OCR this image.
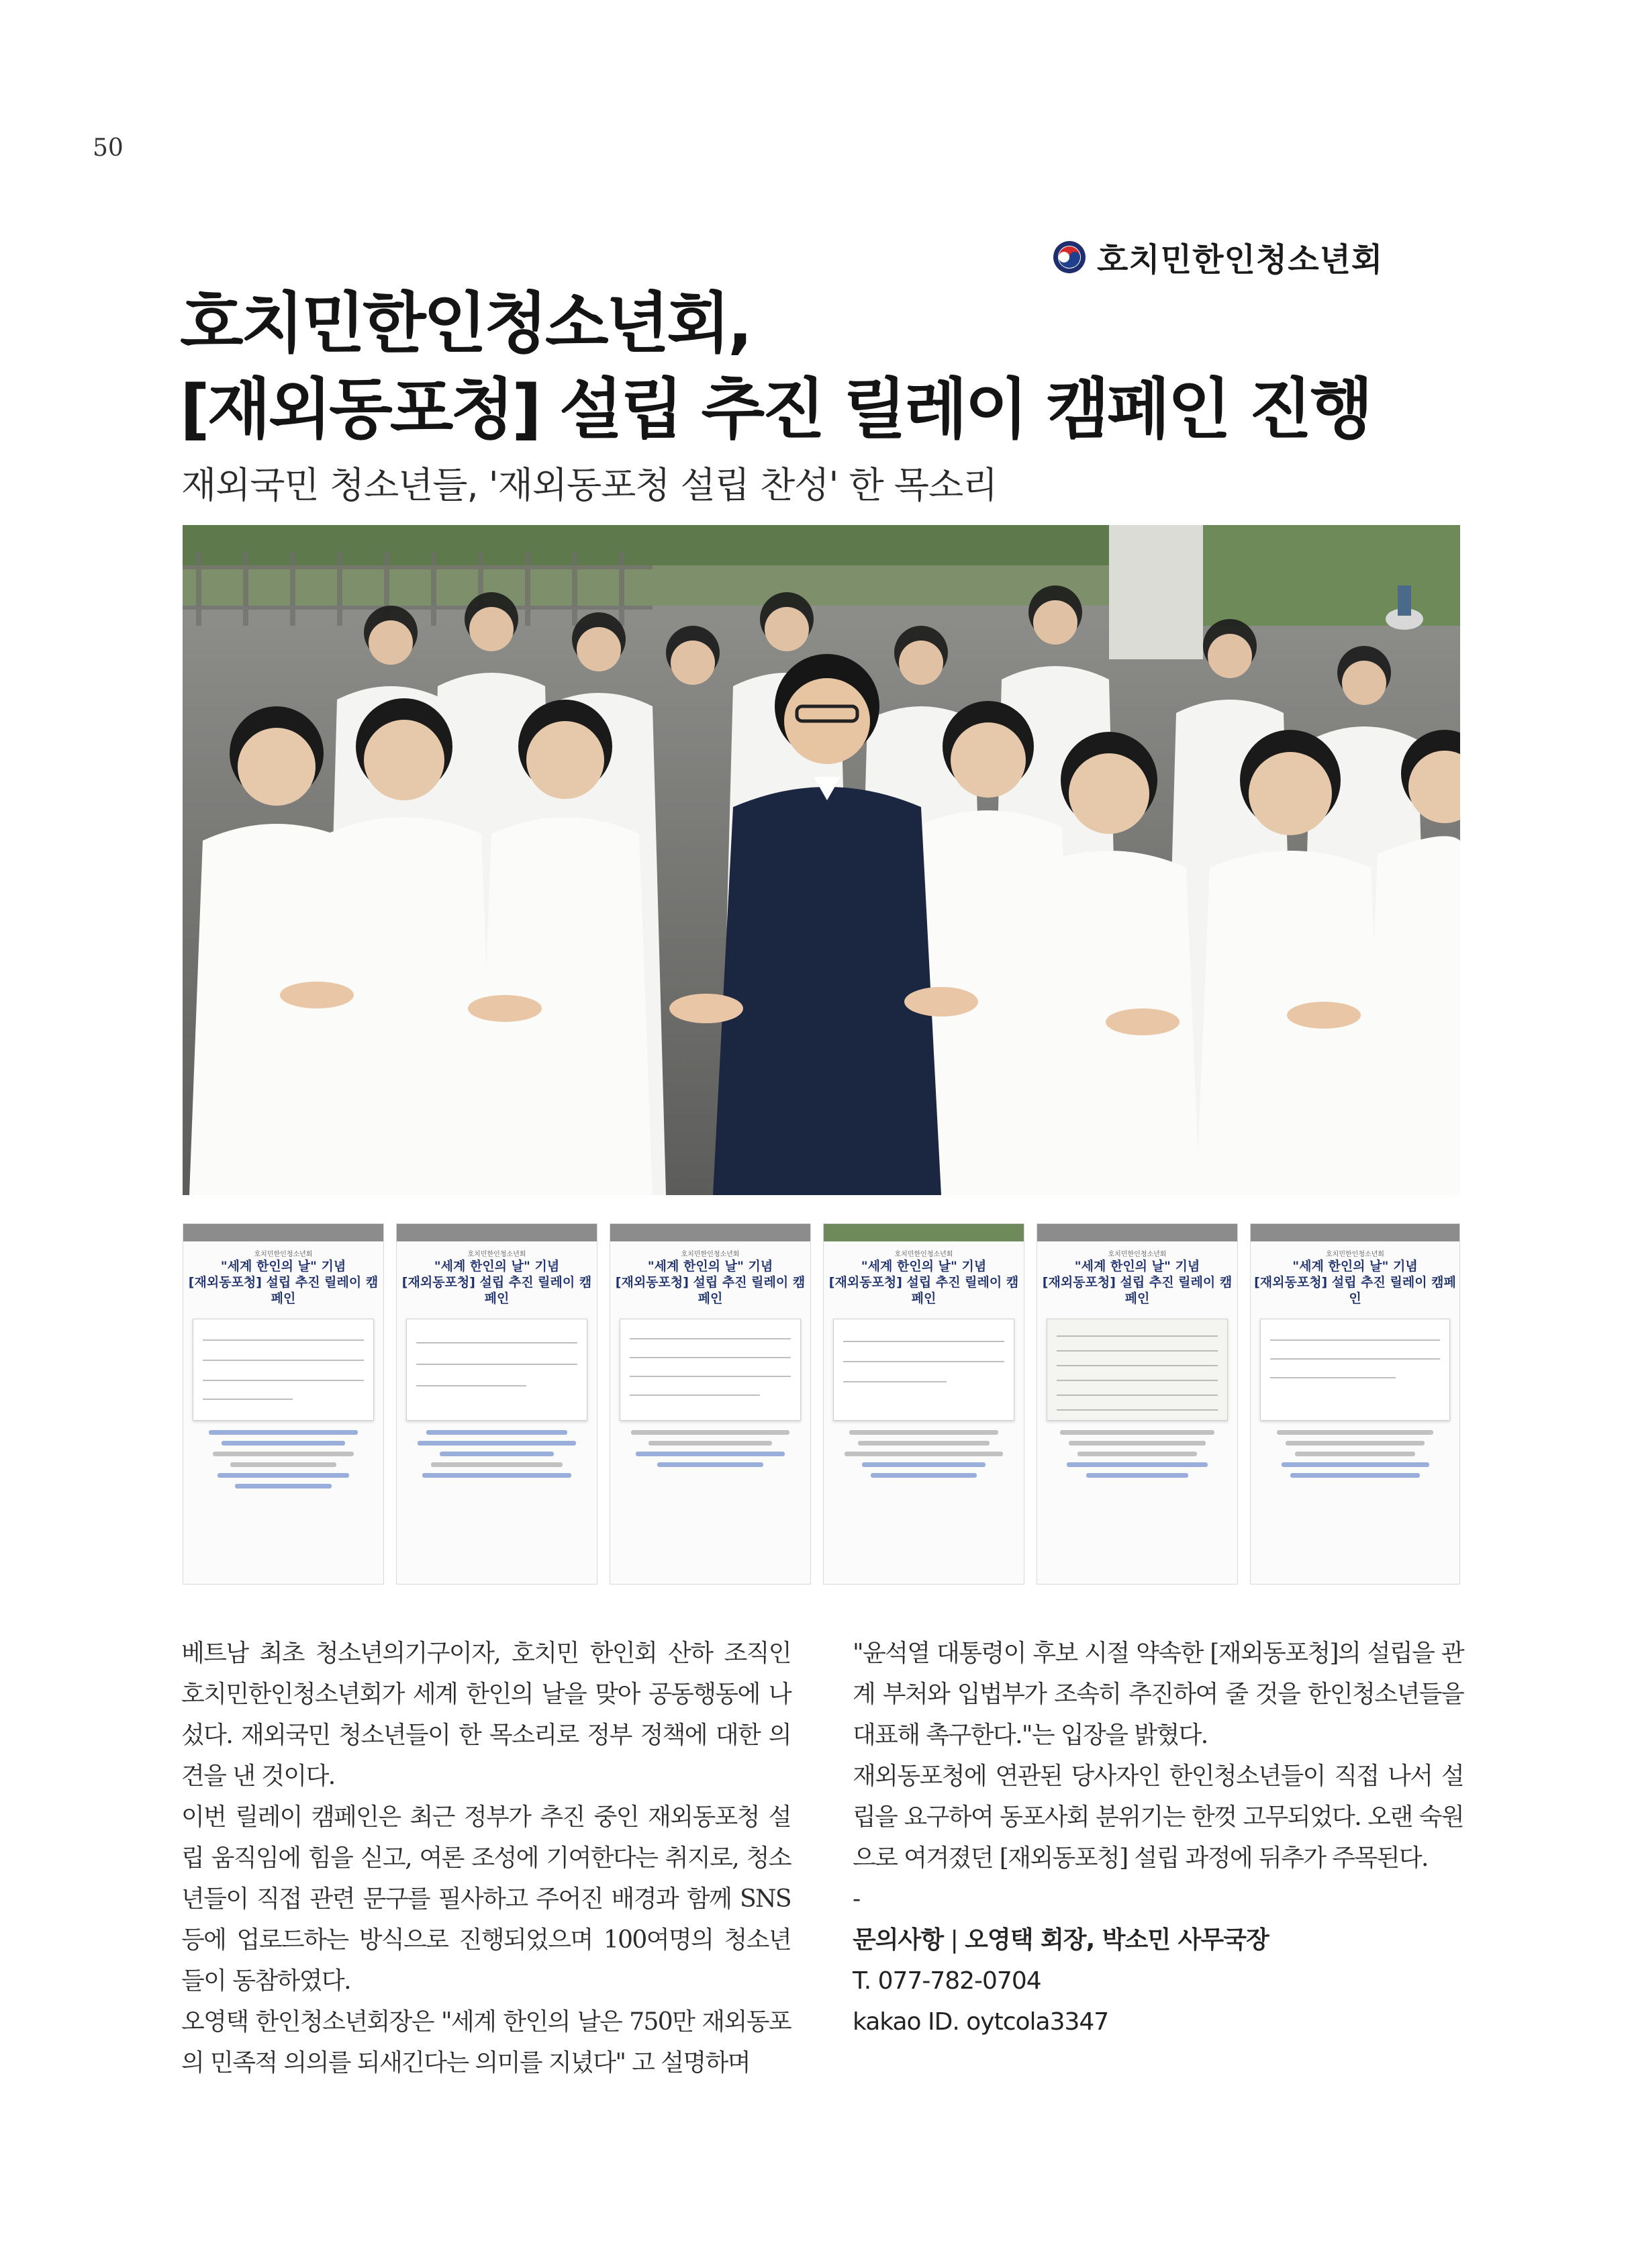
50
호치민한인청소년회
호치민한인청소년회,
[재외동포청] 설립 추진 릴레이 캠페인 진행
재외국민 청소년들, '재외동포청 설립 찬성' 한 목소리
호치민한인청소년회
"세계 한인의 날" 기념
[재외동포청] 설립 추진 릴레이 캠페인
호치민한인청소년회
"세계 한인의 날" 기념
[재외동포청] 설립 추진 릴레이 캠페인
호치민한인청소년회
"세계 한인의 날" 기념
[재외동포청] 설립 추진 릴레이 캠페인
호치민한인청소년회
"세계 한인의 날" 기념
[재외동포청] 설립 추진 릴레이 캠페인
호치민한인청소년회
"세계 한인의 날" 기념
[재외동포청] 설립 추진 릴레이 캠페인
호치민한인청소년회
"세계 한인의 날" 기념
[재외동포청] 설립 추진 릴레이 캠페인

베트남 최초 청소년의기구이자, 호치민 한인회 산하 조직인 호치민한인청소년회가 세계 한인의 날을 맞아 공동행동에 나섰다. 재외국민 청소년들이 한 목소리로 정부 정책에 대한 의견을 낸 것이다.

이번 릴레이 캠페인은 최근 정부가 추진 중인 재외동포청 설립 움직임에 힘을 싣고, 여론 조성에 기여한다는 취지로, 청소년들이 직접 관련 문구를 필사하고 주어진 배경과 함께 SNS등에 업로드하는 방식으로 진행되었으며 100여명의 청소년들이 동참하였다.

오영택 한인청소년회장은 "세계 한인의 날은 750만 재외동포의 민족적 의의를 되새긴다는 의미를 지녔다" 고 설명하며

"윤석열 대통령이 후보 시절 약속한 [재외동포청]의 설립을 관계 부처와 입법부가 조속히 추진하여 줄 것을 한인청소년들을 대표해 촉구한다."는 입장을 밝혔다.

재외동포청에 연관된 당사자인 한인청소년들이 직접 나서 설립을 요구하여 동포사회 분위기는 한껏 고무되었다. 오랜 숙원으로 여겨졌던 [재외동포청] 설립 과정에 뒤추가 주목된다.

-

문의사항 | 오영택 회장, 박소민 사무국장

T. 077-782-0704

kakao ID. oytcola3347
